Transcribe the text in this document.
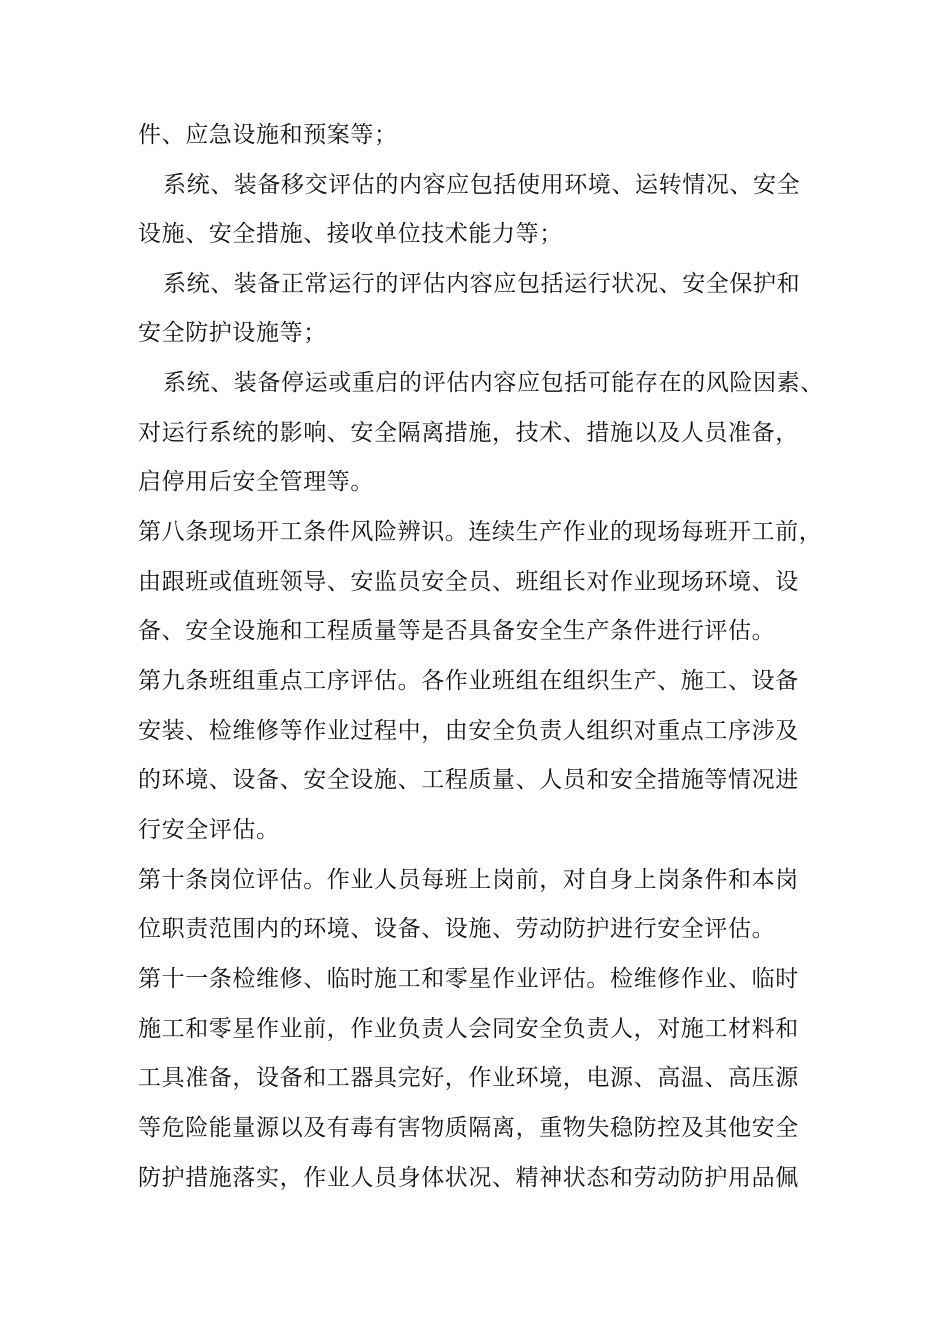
件、应急设施和预案等；
系统、装备移交评估的内容应包括使用环境、运转情况、安全
设施、安全措施、接收单位技术能力等；
系统、装备正常运行的评估内容应包括运行状况、安全保护和
安全防护设施等；
系统、装备停运或重启的评估内容应包括可能存在的风险因素、
对运行系统的影响、安全隔离措施，技术、措施以及人员准备，
启停用后安全管理等。
第八条现场开工条件风险辨识。连续生产作业的现场每班开工前，
由跟班或值班领导、安监员安全员、班组长对作业现场环境、设
备、安全设施和工程质量等是否具备安全生产条件进行评估。
第九条班组重点工序评估。各作业班组在组织生产、施工、设备
安装、检维修等作业过程中，由安全负责人组织对重点工序涉及
的环境、设备、安全设施、工程质量、人员和安全措施等情况进
行安全评估。
第十条岗位评估。作业人员每班上岗前，对自身上岗条件和本岗
位职责范围内的环境、设备、设施、劳动防护进行安全评估。
第十一条检维修、临时施工和零星作业评估。检维修作业、临时
施工和零星作业前，作业负责人会同安全负责人，对施工材料和
工具准备，设备和工器具完好，作业环境，电源、高温、高压源
等危险能量源以及有毒有害物质隔离，重物失稳防控及其他安全
防护措施落实，作业人员身体状况、精神状态和劳动防护用品佩
